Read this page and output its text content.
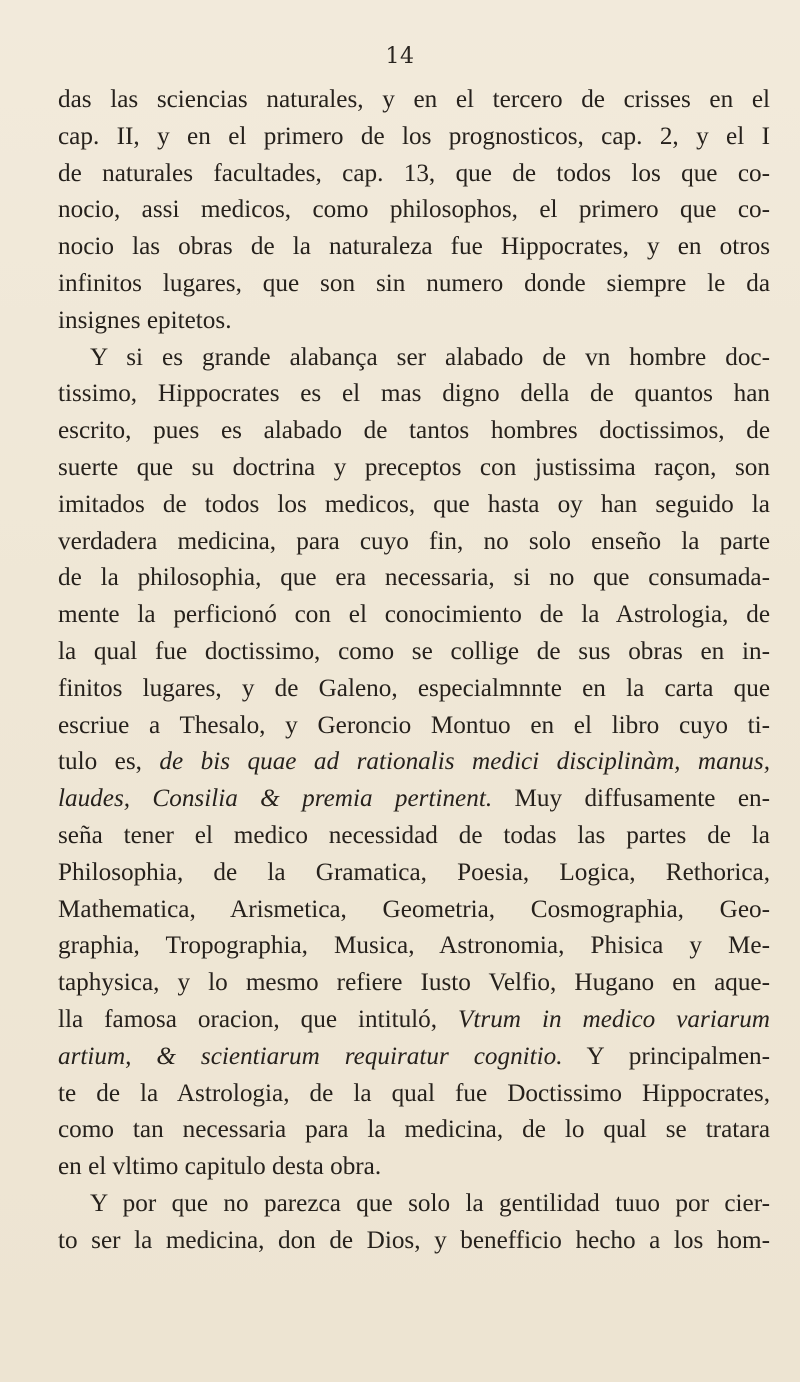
14
das las sciencias naturales, y en el tercero de crisses en el
cap. II, y en el primero de los prognosticos, cap. 2, y el I
de naturales facultades, cap. 13, que de todos los que co-
nocio, assi medicos, como philosophos, el primero que co-
nocio las obras de la naturaleza fue Hippocrates, y en otros
infinitos lugares, que son sin numero donde siempre le da
insignes epitetos.
Y si es grande alabança ser alabado de vn hombre doc-
tissimo, Hippocrates es el mas digno della de quantos han
escrito, pues es alabado de tantos hombres doctissimos, de
suerte que su doctrina y preceptos con justissima raçon, son
imitados de todos los medicos, que hasta oy han seguido la
verdadera medicina, para cuyo fin, no solo enseño la parte
de la philosophia, que era necessaria, si no que consumada-
mente la perficionó con el conocimiento de la Astrologia, de
la qual fue doctissimo, como se collige de sus obras en in-
finitos lugares, y de Galeno, especialmnnte en la carta que
escriue a Thesalo, y Geroncio Montuo en el libro cuyo ti-
tulo es, de bis quae ad rationalis medici disciplinàm, manus,
laudes, Consilia & premia pertinent. Muy diffusamente en-
seña tener el medico necessidad de todas las partes de la
Philosophia, de la Gramatica, Poesia, Logica, Rethorica,
Mathematica, Arismetica, Geometria, Cosmographia, Geo-
graphia, Tropographia, Musica, Astronomia, Phisica y Me-
taphysica, y lo mesmo refiere Iusto Velfio, Hugano en aque-
lla famosa oracion, que intituló, Vtrum in medico variarum
artium, & scientiarum requiratur cognitio. Y principalmen-
te de la Astrologia, de la qual fue Doctissimo Hippocrates,
como tan necessaria para la medicina, de lo qual se tratara
en el vltimo capitulo desta obra.
Y por que no parezca que solo la gentilidad tuuo por cier-
to ser la medicina, don de Dios, y benefficio hecho a los hom-
